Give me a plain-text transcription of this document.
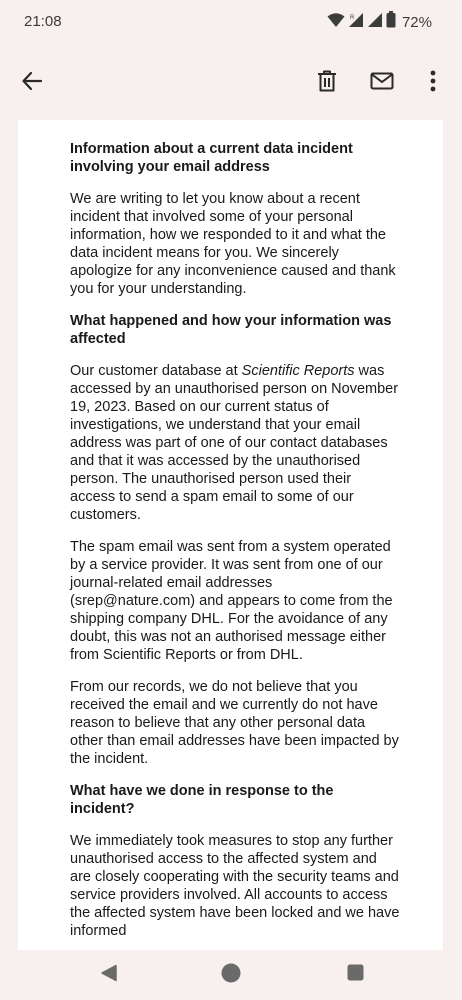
21:08	R	72%
Information about a current data incident involving your email address

We are writing to let you know about a recent incident that involved some of your personal information, how we responded to it and what the data incident means for you. We sincerely apologize for any inconvenience caused and thank you for your understanding.

What happened and how your information was affected

Our customer database at Scientific Reports was accessed by an unauthorised person on November 19, 2023. Based on our current status of investigations, we understand that your email address was part of one of our contact databases and that it was accessed by the unauthorised person. The unauthorised person used their access to send a spam email to some of our customers.

The spam email was sent from a system operated by a service provider. It was sent from one of our journal-related email addresses (srep@nature.com) and appears to come from the shipping company DHL. For the avoidance of any doubt, this was not an authorised message either from Scientific Reports or from DHL.

From our records, we do not believe that you received the email and we currently do not have reason to believe that any other personal data other than email addresses have been impacted by the incident.

What have we done in response to the incident?

We immediately took measures to stop any further unauthorised access to the affected system and are closely cooperating with the security teams and service providers involved. All accounts to access the affected system have been locked and we have informed
